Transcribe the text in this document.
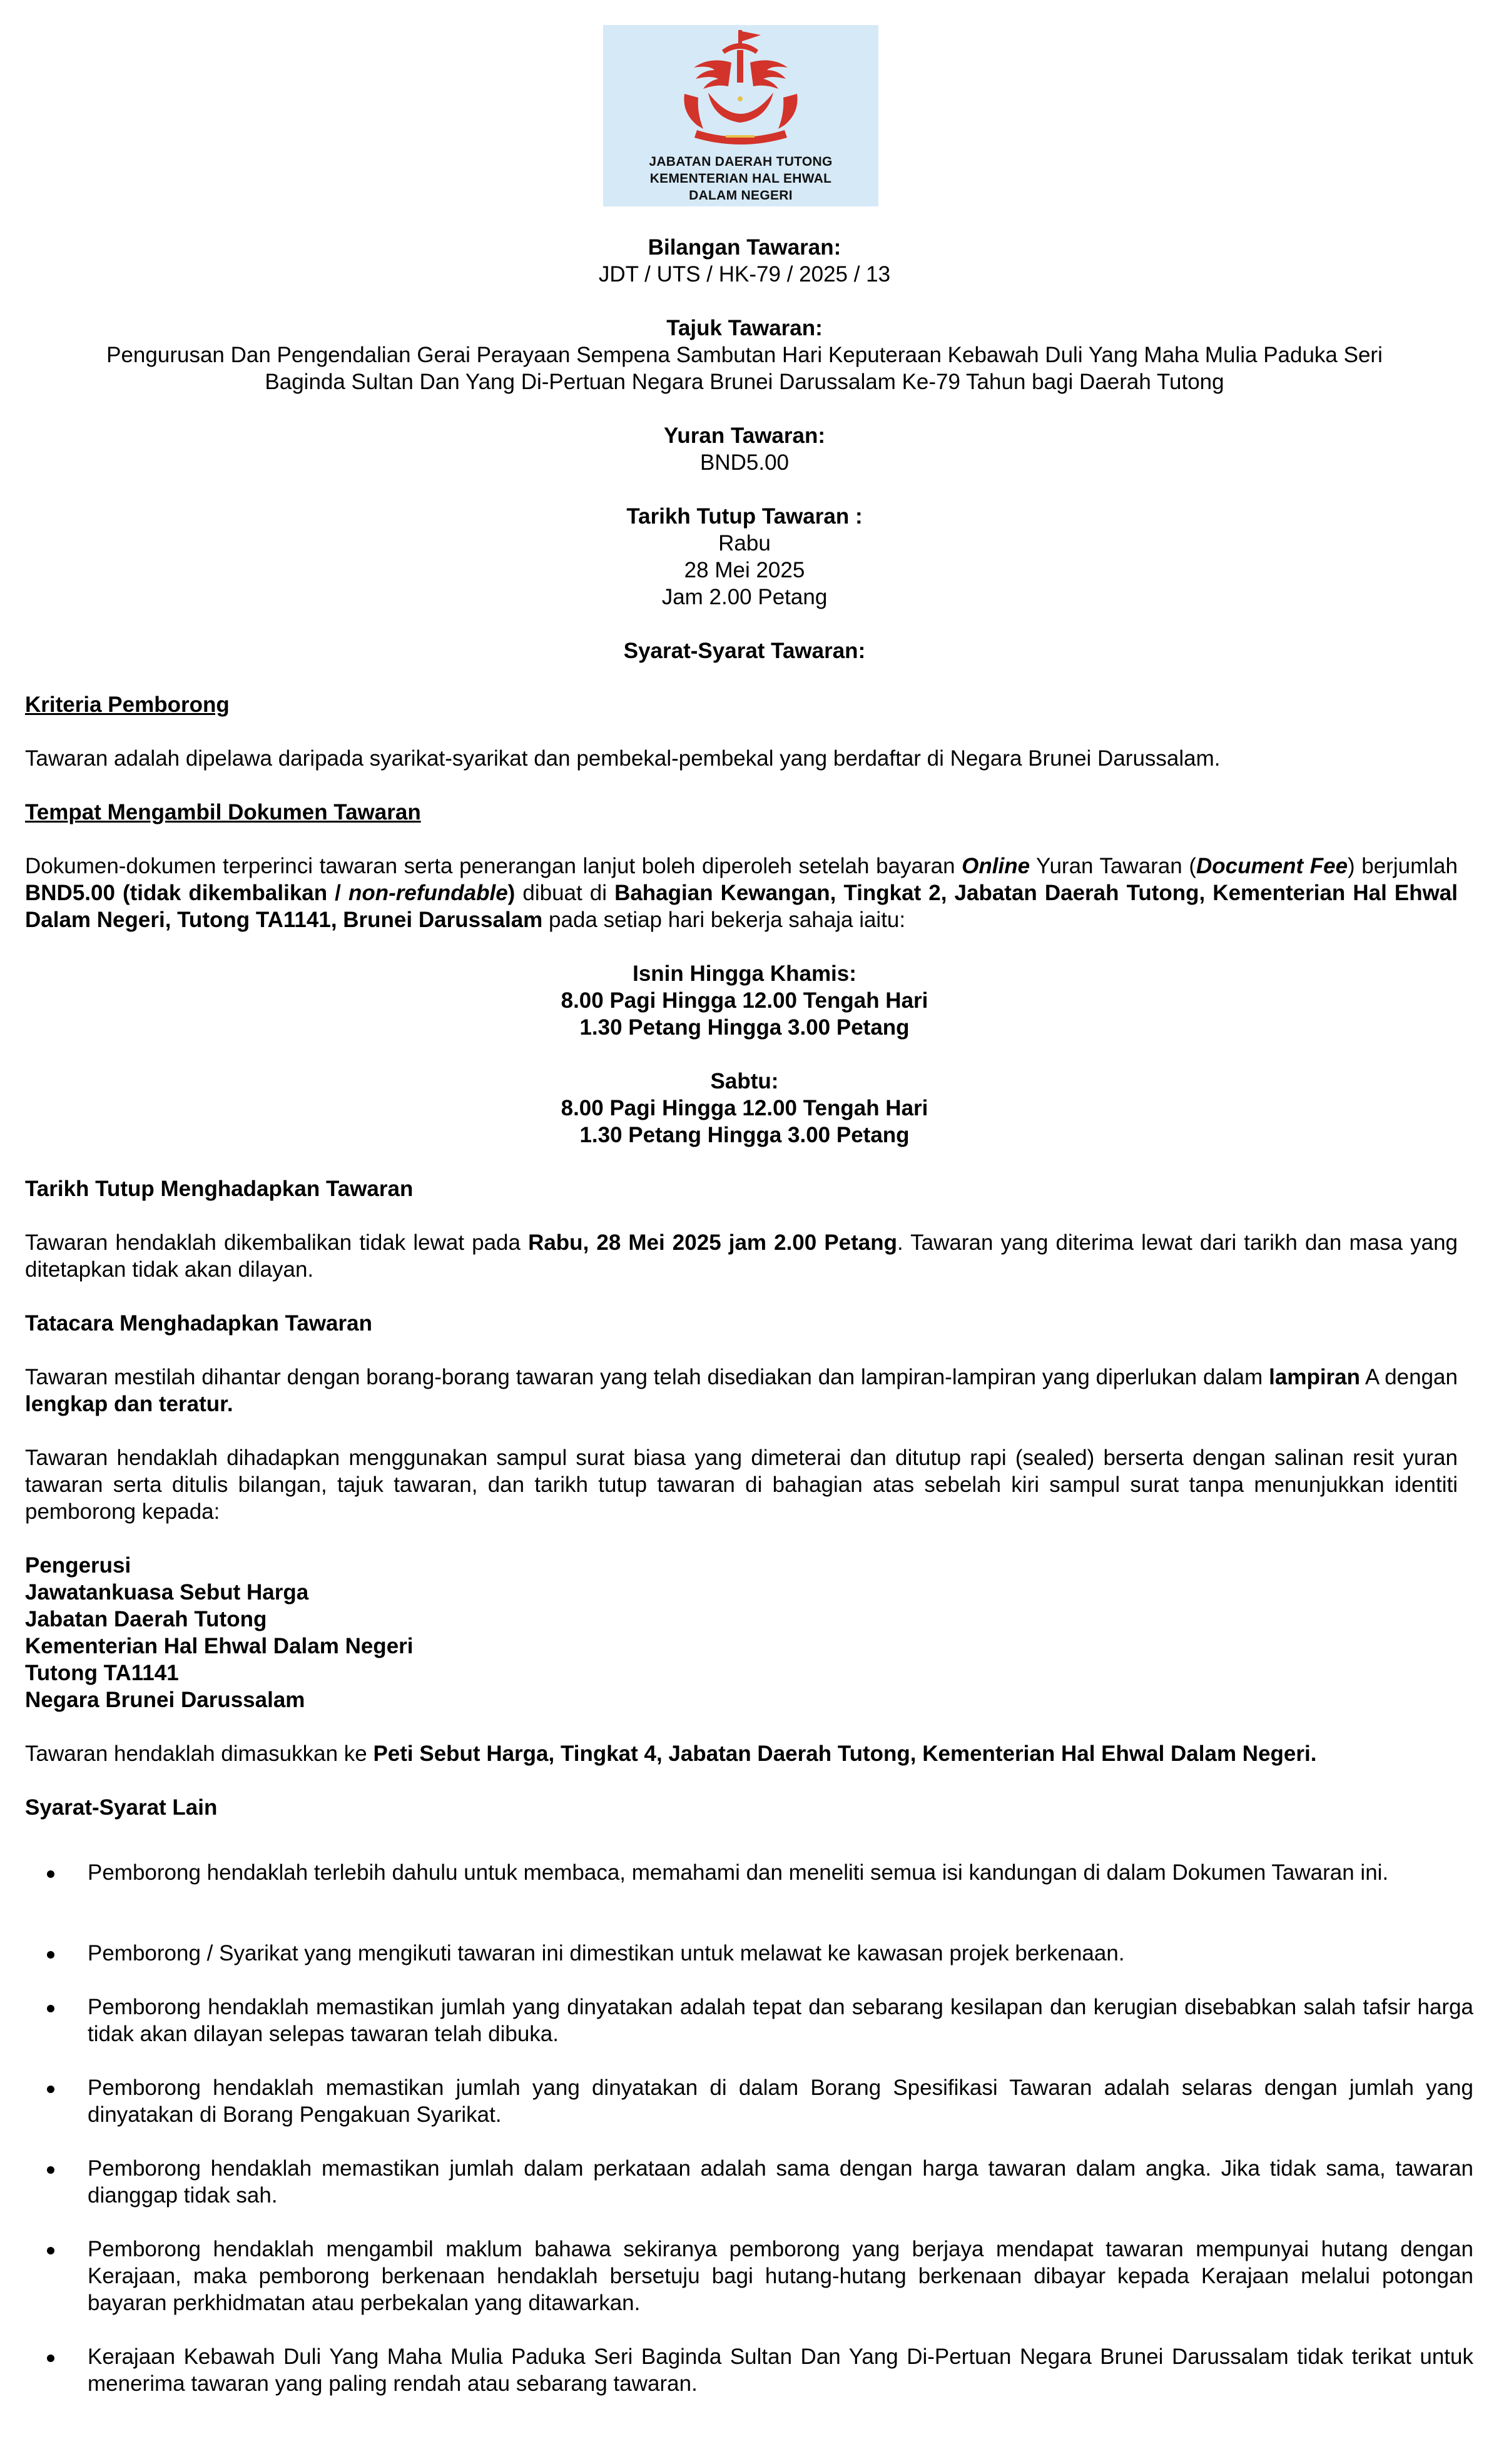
JABATAN DAERAH TUTONG
KEMENTERIAN HAL EHWAL
DALAM NEGERI
Bilangan Tawaran:
JDT / UTS / HK-79 / 2025 / 13
Tajuk Tawaran:
Pengurusan Dan Pengendalian Gerai Perayaan Sempena Sambutan Hari Keputeraan Kebawah Duli Yang Maha Mulia Paduka Seri
Baginda Sultan Dan Yang Di-Pertuan Negara Brunei Darussalam Ke-79 Tahun bagi Daerah Tutong
Yuran Tawaran:
BND5.00
Tarikh Tutup Tawaran :
Rabu
28 Mei 2025
Jam 2.00 Petang
Syarat-Syarat Tawaran:
Kriteria Pemborong
Tawaran adalah dipelawa daripada syarikat-syarikat dan pembekal-pembekal yang berdaftar di Negara Brunei Darussalam.
Tempat Mengambil Dokumen Tawaran
Dokumen-dokumen terperinci tawaran serta penerangan lanjut boleh diperoleh setelah bayaran Online Yuran Tawaran (Document Fee) berjumlah BND5.00 (tidak dikembalikan / non-refundable) dibuat di Bahagian Kewangan, Tingkat 2, Jabatan Daerah Tutong, Kementerian Hal Ehwal Dalam Negeri, Tutong TA1141, Brunei Darussalam pada setiap hari bekerja sahaja iaitu:
Isnin Hingga Khamis:
8.00 Pagi Hingga 12.00 Tengah Hari
1.30 Petang Hingga 3.00 Petang
Sabtu:
8.00 Pagi Hingga 12.00 Tengah Hari
1.30 Petang Hingga 3.00 Petang
Tarikh Tutup Menghadapkan Tawaran
Tawaran hendaklah dikembalikan tidak lewat pada Rabu, 28 Mei 2025 jam 2.00 Petang. Tawaran yang diterima lewat dari tarikh dan masa yang ditetapkan tidak akan dilayan.
Tatacara Menghadapkan Tawaran
Tawaran mestilah dihantar dengan borang-borang tawaran yang telah disediakan dan lampiran-lampiran yang diperlukan dalam lampiran A dengan lengkap dan teratur.
Tawaran hendaklah dihadapkan menggunakan sampul surat biasa yang dimeterai dan ditutup rapi (sealed) berserta dengan salinan resit yuran tawaran serta ditulis bilangan, tajuk tawaran, dan tarikh tutup tawaran di bahagian atas sebelah kiri sampul surat tanpa menunjukkan identiti pemborong kepada:
Pengerusi
Jawatankuasa Sebut Harga
Jabatan Daerah Tutong
Kementerian Hal Ehwal Dalam Negeri
Tutong TA1141
Negara Brunei Darussalam
Tawaran hendaklah dimasukkan ke Peti Sebut Harga, Tingkat 4, Jabatan Daerah Tutong, Kementerian Hal Ehwal Dalam Negeri.
Syarat-Syarat Lain
Pemborong hendaklah terlebih dahulu untuk membaca, memahami dan meneliti semua isi kandungan di dalam Dokumen Tawaran ini.
Pemborong / Syarikat yang mengikuti tawaran ini dimestikan untuk melawat ke kawasan projek berkenaan.
Pemborong hendaklah memastikan jumlah yang dinyatakan adalah tepat dan sebarang kesilapan dan kerugian disebabkan salah tafsir harga tidak akan dilayan selepas tawaran telah dibuka.
Pemborong hendaklah memastikan jumlah yang dinyatakan di dalam Borang Spesifikasi Tawaran adalah selaras dengan jumlah yang dinyatakan di Borang Pengakuan Syarikat.
Pemborong hendaklah memastikan jumlah dalam perkataan adalah sama dengan harga tawaran dalam angka. Jika tidak sama, tawaran dianggap tidak sah.
Pemborong hendaklah mengambil maklum bahawa sekiranya pemborong yang berjaya mendapat tawaran mempunyai hutang dengan Kerajaan, maka pemborong berkenaan hendaklah bersetuju bagi hutang-hutang berkenaan dibayar kepada Kerajaan melalui potongan bayaran perkhidmatan atau perbekalan yang ditawarkan.
Kerajaan Kebawah Duli Yang Maha Mulia Paduka Seri Baginda Sultan Dan Yang Di-Pertuan Negara Brunei Darussalam tidak terikat untuk menerima tawaran yang paling rendah atau sebarang tawaran.
